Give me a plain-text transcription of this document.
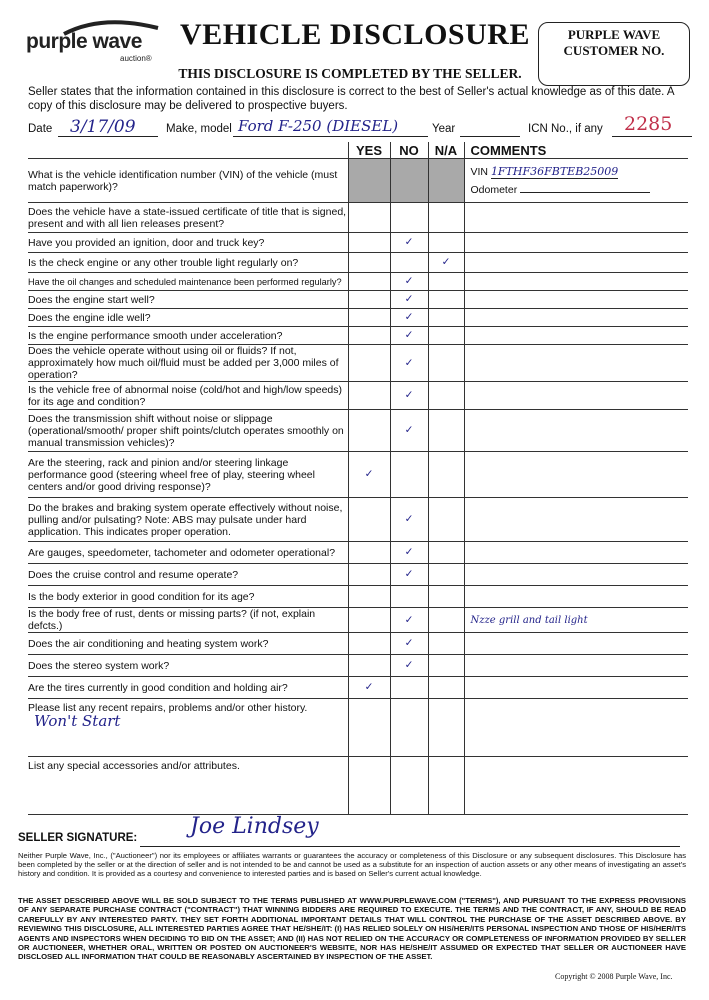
purple wave
auction®
VEHICLE DISCLOSURE
THIS DISCLOSURE IS COMPLETED BY THE SELLER.
PURPLE WAVE
CUSTOMER NO.
Seller states that the information contained in this disclosure is correct to the best of Seller's actual knowledge as of this date. A copy of this disclosure may be delivered to prospective buyers.
Date 3/17/09	Make, model Ford F-250 (DIESEL)	Year	ICN No., if any 2285
	YES	NO	N/A	COMMENTS
What is the vehicle identification number (VIN) of the vehicle (must match paperwork)?				VIN 1FTHF36FBTEB25009
Odometer

Does the vehicle have a state-issued certificate of title that is signed, present and with all lien releases present?				
Have you provided an ignition, door and truck key?		✓		
Is the check engine or any other trouble light regularly on?			✓	
Have the oil changes and scheduled maintenance been performed regularly?		✓		
Does the engine start well?		✓		
Does the engine idle well?		✓		
Is the engine performance smooth under acceleration?		✓		
Does the vehicle operate without using oil or fluids? If not, approximately how much oil/fluid must be added per 3,000 miles of operation?		✓		
Is the vehicle free of abnormal noise (cold/hot and high/low speeds) for its age and condition?		✓		
Does the transmission shift without noise or slippage (operational/smooth/ proper shift points/clutch operates smoothly on manual transmission vehicles)?		✓		
Are the steering, rack and pinion and/or steering linkage performance good (steering wheel free of play, steering wheel centers and/or good driving response)?	✓			
Do the brakes and braking system operate effectively without noise, pulling and/or pulsating? Note: ABS may pulsate under hard application. This indicates proper operation.		✓		
Are gauges, speedometer, tachometer and odometer operational?		✓		
Does the cruise control and resume operate?		✓		
Is the body exterior in good condition for its age?				
Is the body free of rust, dents or missing parts? (if not, explain defcts.)		✓		Nzze grill and tail light
Does the air conditioning and heating system work?		✓		
Does the stereo system work?		✓		
Are the tires currently in good condition and holding air?	✓			
Please list any recent repairs, problems and/or other history.

Won't Start				

List any special accessories and/or attributes.				
SELLER SIGNATURE: Joe Lindsey
Neither Purple Wave, Inc., ("Auctioneer") nor its employees or affiliates warrants or guarantees the accuracy or completeness of this Disclosure or any subsequent disclosures. This Disclosure has been completed by the seller or at the direction of seller and is not intended to be and cannot be used as a substitute for an inspection of auction assets or any other means of investigating an asset's history and condition. It is provided as a courtesy and convenience to interested parties and is based on Seller's current actual knowledge.
THE ASSET DESCRIBED ABOVE WILL BE SOLD SUBJECT TO THE TERMS PUBLISHED AT WWW.PURPLEWAVE.COM ("TERMS"), AND PURSUANT TO THE EXPRESS PROVISIONS OF ANY SEPARATE PURCHASE CONTRACT ("CONTRACT") THAT WINNING BIDDERS ARE REQUIRED TO EXECUTE. THE TERMS AND THE CONTRACT, IF ANY, SHOULD BE READ CAREFULLY BY ANY INTERESTED PARTY. THEY SET FORTH ADDITIONAL IMPORTANT DETAILS THAT WILL CONTROL THE PURCHASE OF THE ASSET DESCRIBED ABOVE. BY REVIEWING THIS DISCLOSURE, ALL INTERESTED PARTIES AGREE THAT HE/SHE/IT: (I) HAS RELIED SOLELY ON HIS/HER/ITS PERSONAL INSPECTION AND THOSE OF HIS/HER/ITS AGENTS AND INSPECTORS WHEN DECIDING TO BID ON THE ASSET; AND (II) HAS NOT RELIED ON THE ACCURACY OR COMPLETENESS OF INFORMATION PROVIDED BY SELLER OR AUCTIONEER, WHETHER ORAL, WRITTEN OR POSTED ON AUCTIONEER'S WEBSITE, NOR HAS HE/SHE/IT ASSUMED OR EXPECTED THAT SELLER OR AUCTIONEER HAVE DISCLOSED ALL INFORMATION THAT COULD BE REASONABLY ASCERTAINED BY INSPECTION OF THE ASSET.
Copyright © 2008 Purple Wave, Inc.
